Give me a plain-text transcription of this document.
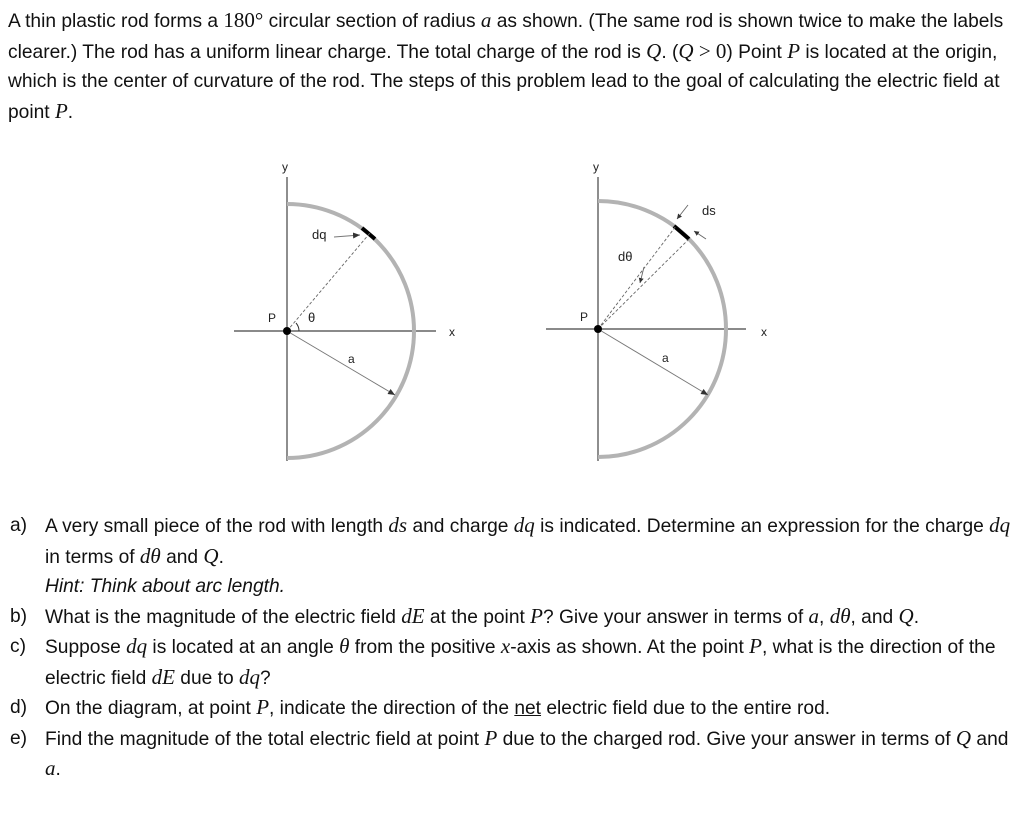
A thin plastic rod forms a 180° circular section of radius a as shown. (The same rod is shown twice to make the labels clearer.) The rod has a uniform linear charge. The total charge of the rod is Q. (Q > 0) Point P is located at the origin, which is the center of curvature of the rod. The steps of this problem lead to the goal of calculating the electric field at point P.

y
x
P
dq
θ
a
y
x
P
ds
dθ
a
a) A very small piece of the rod with length ds and charge dq is indicated. Determine an expression for the charge dq in terms of dθ and Q.
Hint: Think about arc length.
b) What is the magnitude of the electric field dE at the point P? Give your answer in terms of a, dθ, and Q.
c) Suppose dq is located at an angle θ from the positive x-axis as shown. At the point P, what is the direction of the electric field dE due to dq?
d) On the diagram, at point P, indicate the direction of the net electric field due to the entire rod.
e) Find the magnitude of the total electric field at point P due to the charged rod. Give your answer in terms of Q and a.
